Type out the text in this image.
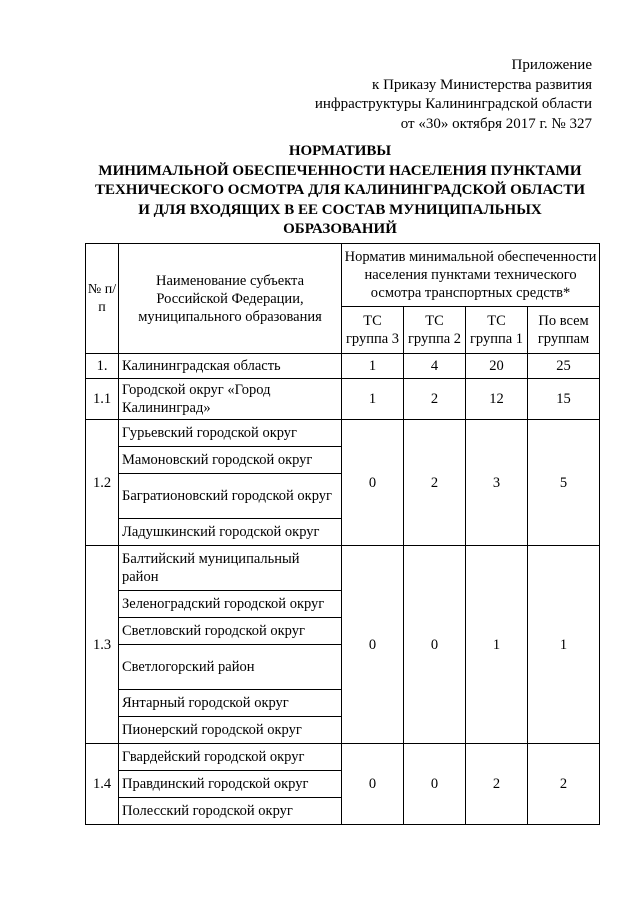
Приложение
к Приказу Министерства развития
инфраструктуры Калининградской области
от «30» октября 2017 г. № 327
НОРМАТИВЫ
МИНИМАЛЬНОЙ ОБЕСПЕЧЕННОСТИ НАСЕЛЕНИЯ ПУНКТАМИ
ТЕХНИЧЕСКОГО ОСМОТРА ДЛЯ КАЛИНИНГРАДСКОЙ ОБЛАСТИ
И ДЛЯ ВХОДЯЩИХ В ЕЕ СОСТАВ МУНИЦИПАЛЬНЫХ
ОБРАЗОВАНИЙ
№ п/п	Наименование субъекта Российской Федерации, муниципального образования	Норматив минимальной обеспеченности населения пунктами технического осмотра транспортных средств*			
		ТС группа 3	ТС группа 2	ТС группа 1	По всем группам
1.	Калининградская область	1	4	20	25
1.1	Городской округ «Город Калининград»	1	2	12	15
1.2	Гурьевский городской округ	0	2	3	5
	Мамоновский городской округ				
	Багратионовский городской округ				
	Ладушкинский городской округ				
1.3	Балтийский муниципальный район	0	0	1	1
	Зеленоградский городской округ				
	Светловский городской округ				
	Светлогорский район				
	Янтарный городской округ				
	Пионерский городской округ				
1.4	Гвардейский городской округ	0	0	2	2
	Правдинский городской округ				
	Полесский городской округ				
